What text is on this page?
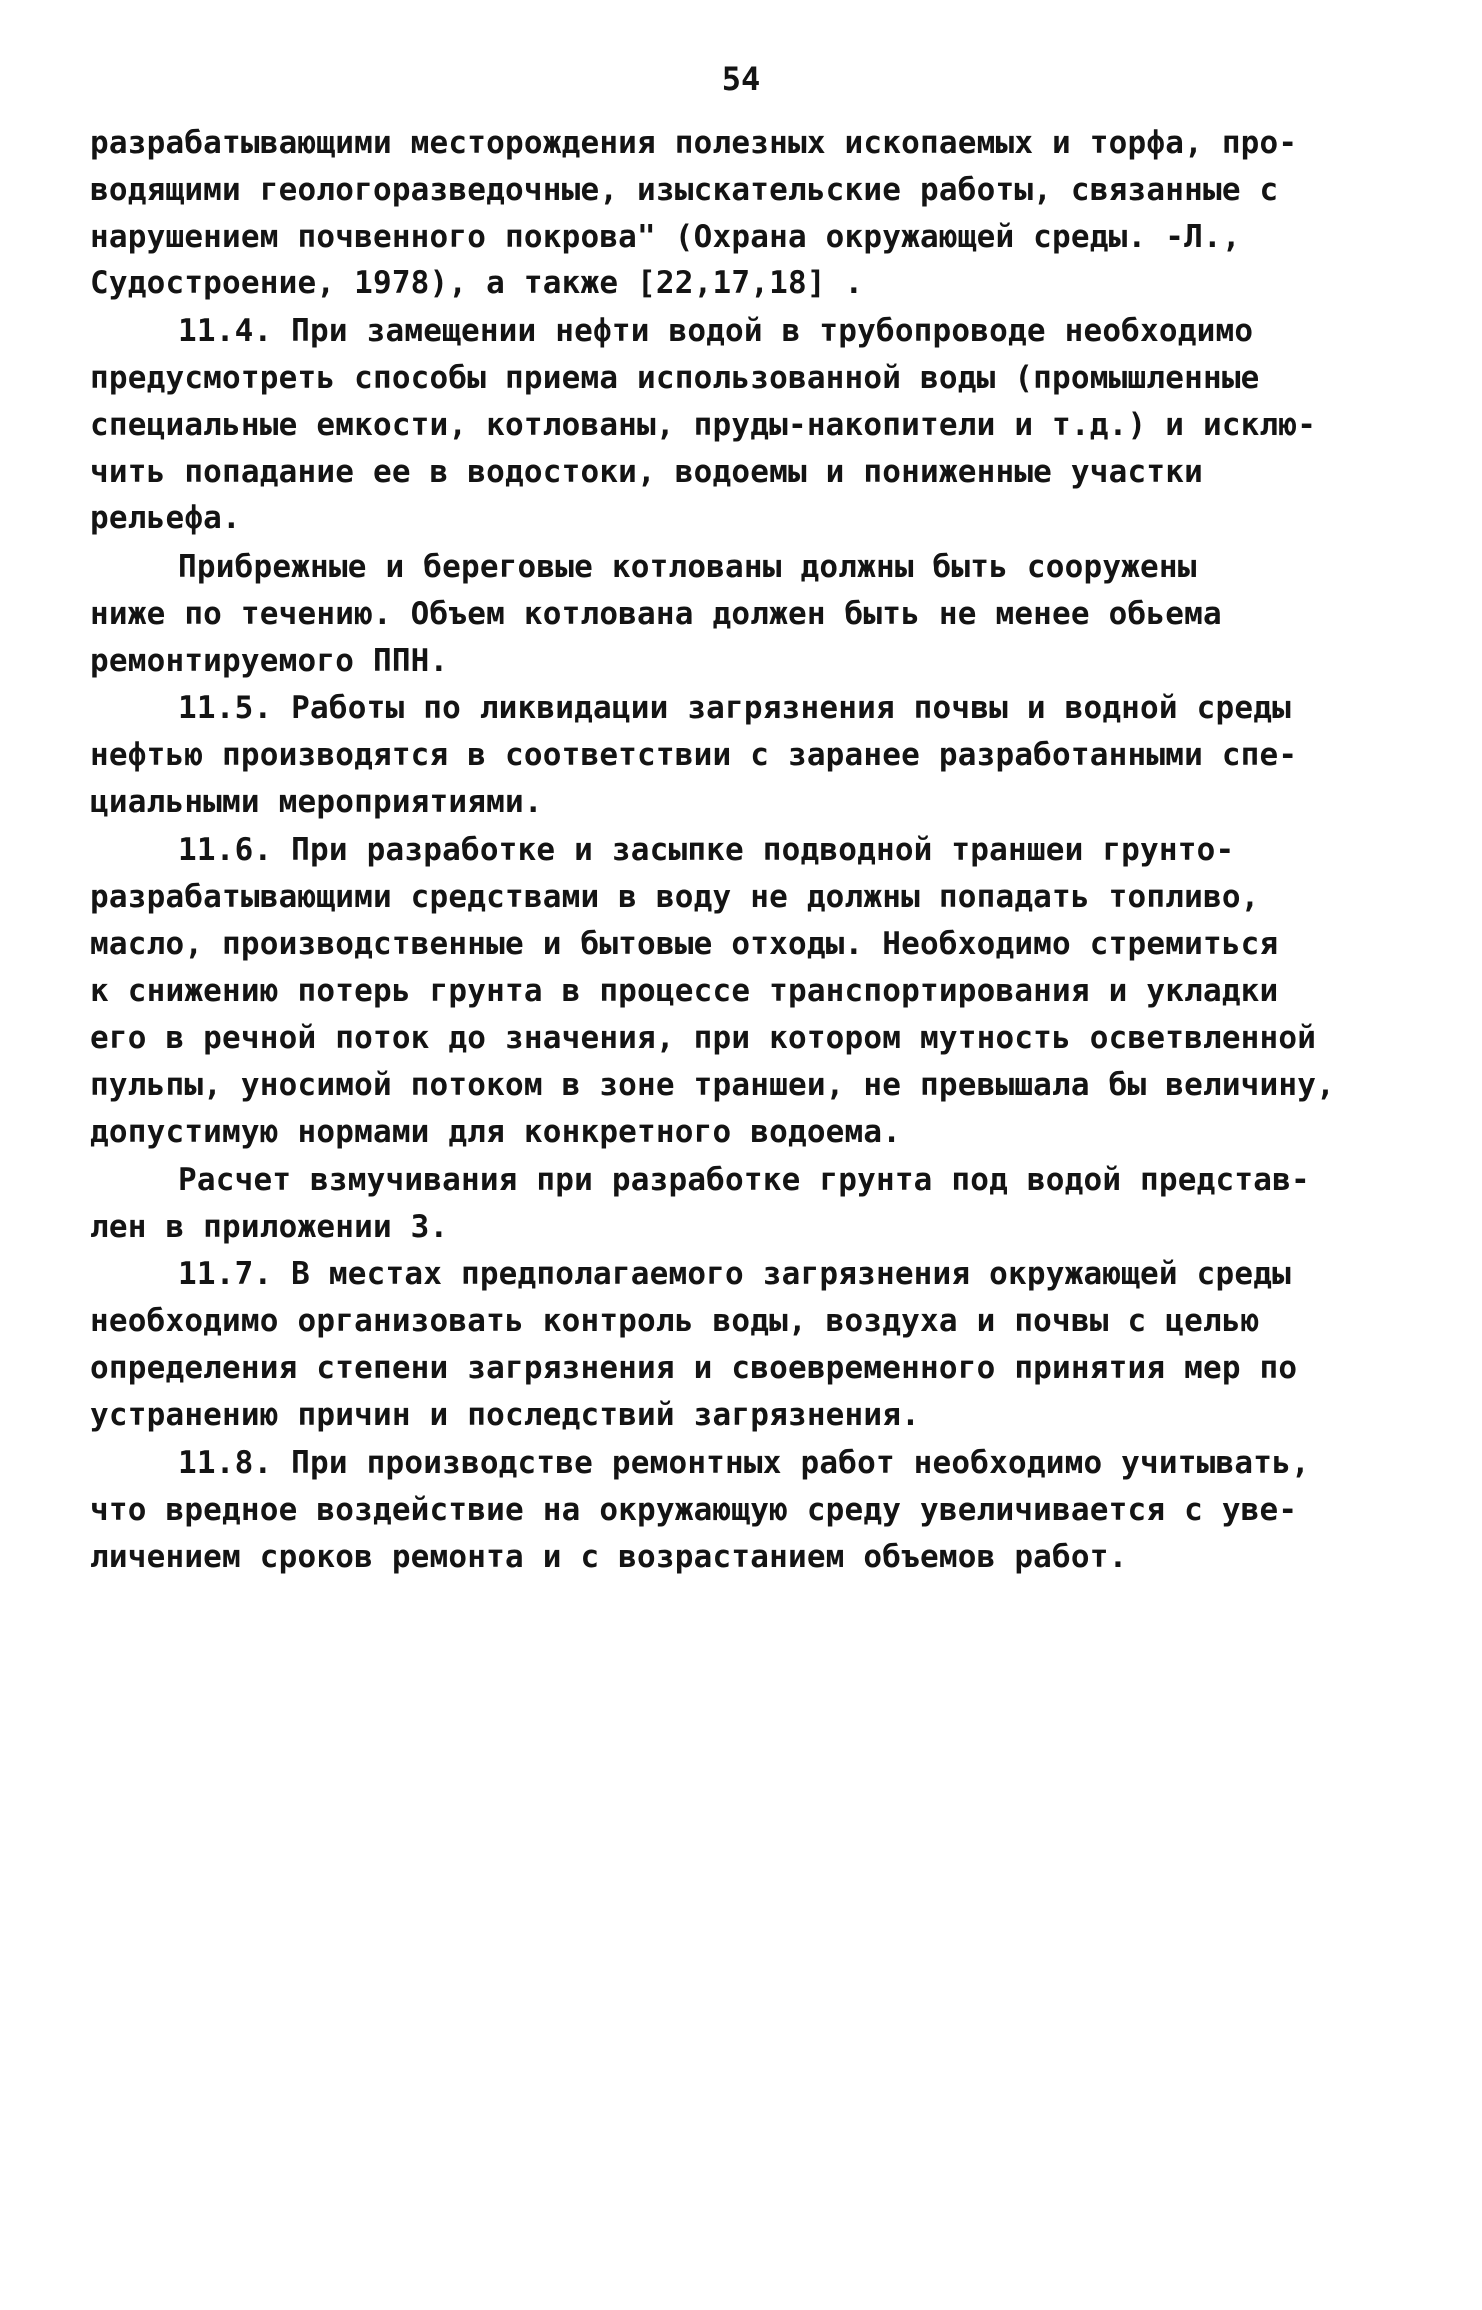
54
разрабатывающими месторождения полезных ископаемых и торфа, про-
водящими геологоразведочные, изыскательские работы, связанные с
нарушением почвенного покрова" (Охрана окружающей среды. -Л.,
Судостроение, 1978), а также [22,17,18] .
11.4. При замещении нефти водой в трубопроводе необходимо
предусмотреть способы приема использованной воды (промышленные
специальные емкости, котлованы, пруды-накопители и т.д.) и исклю-
чить попадание ее в водостоки, водоемы и пониженные участки
рельефа.
Прибрежные и береговые котлованы должны быть сооружены
ниже по течению. Объем котлована должен быть не менее обьема
ремонтируемого ППН.
11.5. Работы по ликвидации загрязнения почвы и водной среды
нефтью производятся в соответствии с заранее разработанными спе-
циальными мероприятиями.
11.6. При разработке и засыпке подводной траншеи грунто-
разрабатывающими средствами в воду не должны попадать топливо,
масло, производственные и бытовые отходы. Необходимо стремиться
к снижению потерь грунта в процессе транспортирования и укладки
его в речной поток до значения, при котором мутность осветвленной
пульпы, уносимой потоком в зоне траншеи, не превышала бы величину,
допустимую нормами для конкретного водоема.
Расчет взмучивания при разработке грунта под водой представ-
лен в приложении 3.
11.7. В местах предполагаемого загрязнения окружающей среды
необходимо организовать контроль воды, воздуха и почвы с целью
определения степени загрязнения и своевременного принятия мер по
устранению причин и последствий загрязнения.
11.8. При производстве ремонтных работ необходимо учитывать,
что вредное воздействие на окружающую среду увеличивается с уве-
личением сроков ремонта и с возрастанием объемов работ.
